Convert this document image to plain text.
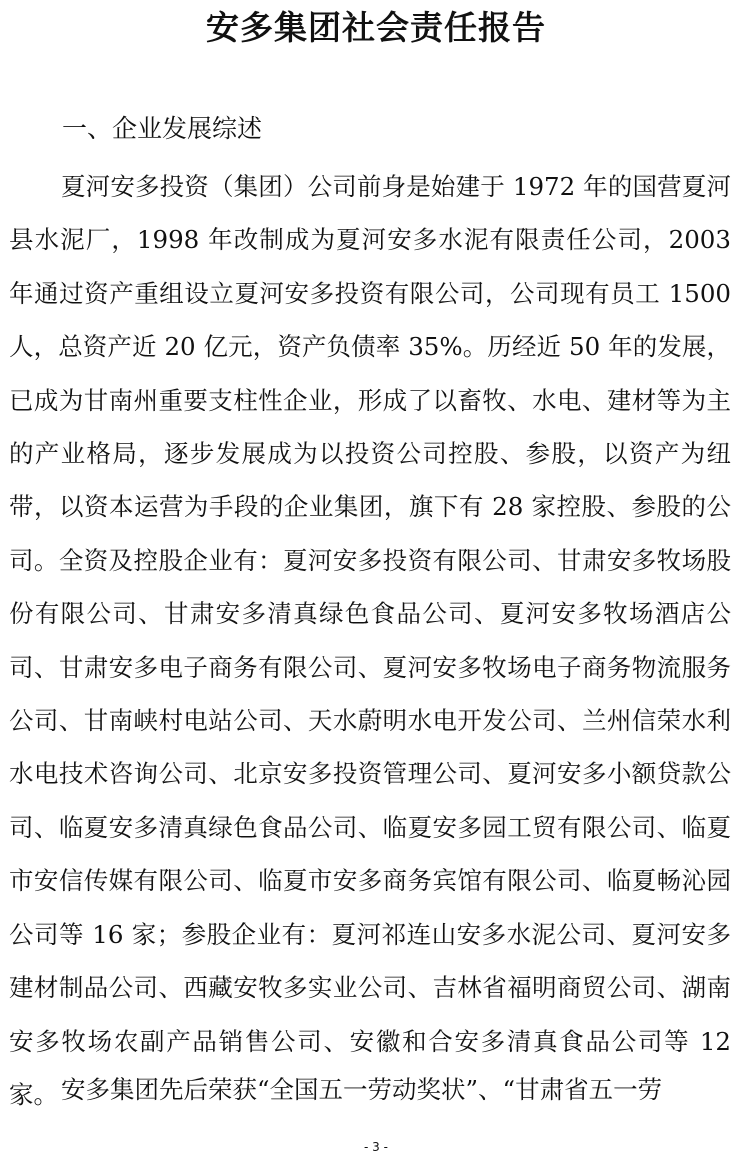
安多集团社会责任报告
一、企业发展综述

夏河安多投资（集团）公司前身是始建于 1972 年的国营夏河县水泥厂，1998 年改制成为夏河安多水泥有限责任公司，2003 年通过资产重组设立夏河安多投资有限公司，公司现有员工 1500 人，总资产近 20 亿元，资产负债率 35%。历经近 50 年的发展，已成为甘南州重要支柱性企业，形成了以畜牧、水电、建材等为主的产业格局，逐步发展成为以投资公司控股、参股，以资产为纽带，以资本运营为手段的企业集团，旗下有 28 家控股、参股的公司。全资及控股企业有：夏河安多投资有限公司、甘肃安多牧场股份有限公司、甘肃安多清真绿色食品公司、夏河安多牧场酒店公司、甘肃安多电子商务有限公司、夏河安多牧场电子商务物流服务公司、甘南峡村电站公司、天水蔚明水电开发公司、兰州信荣水利水电技术咨询公司、北京安多投资管理公司、夏河安多小额贷款公司、临夏安多清真绿色食品公司、临夏安多园工贸有限公司、临夏市安信传媒有限公司、临夏市安多商务宾馆有限公司、临夏畅沁园公司等 16 家；参股企业有：夏河祁连山安多水泥公司、夏河安多建材制品公司、西藏安牧多实业公司、吉林省福明商贸公司、湖南安多牧场农副产品销售公司、安徽和合安多清真食品公司等 12 家。 安多集团先后荣获“全国五一劳动奖状”、“甘肃省五一劳

- 3 -
